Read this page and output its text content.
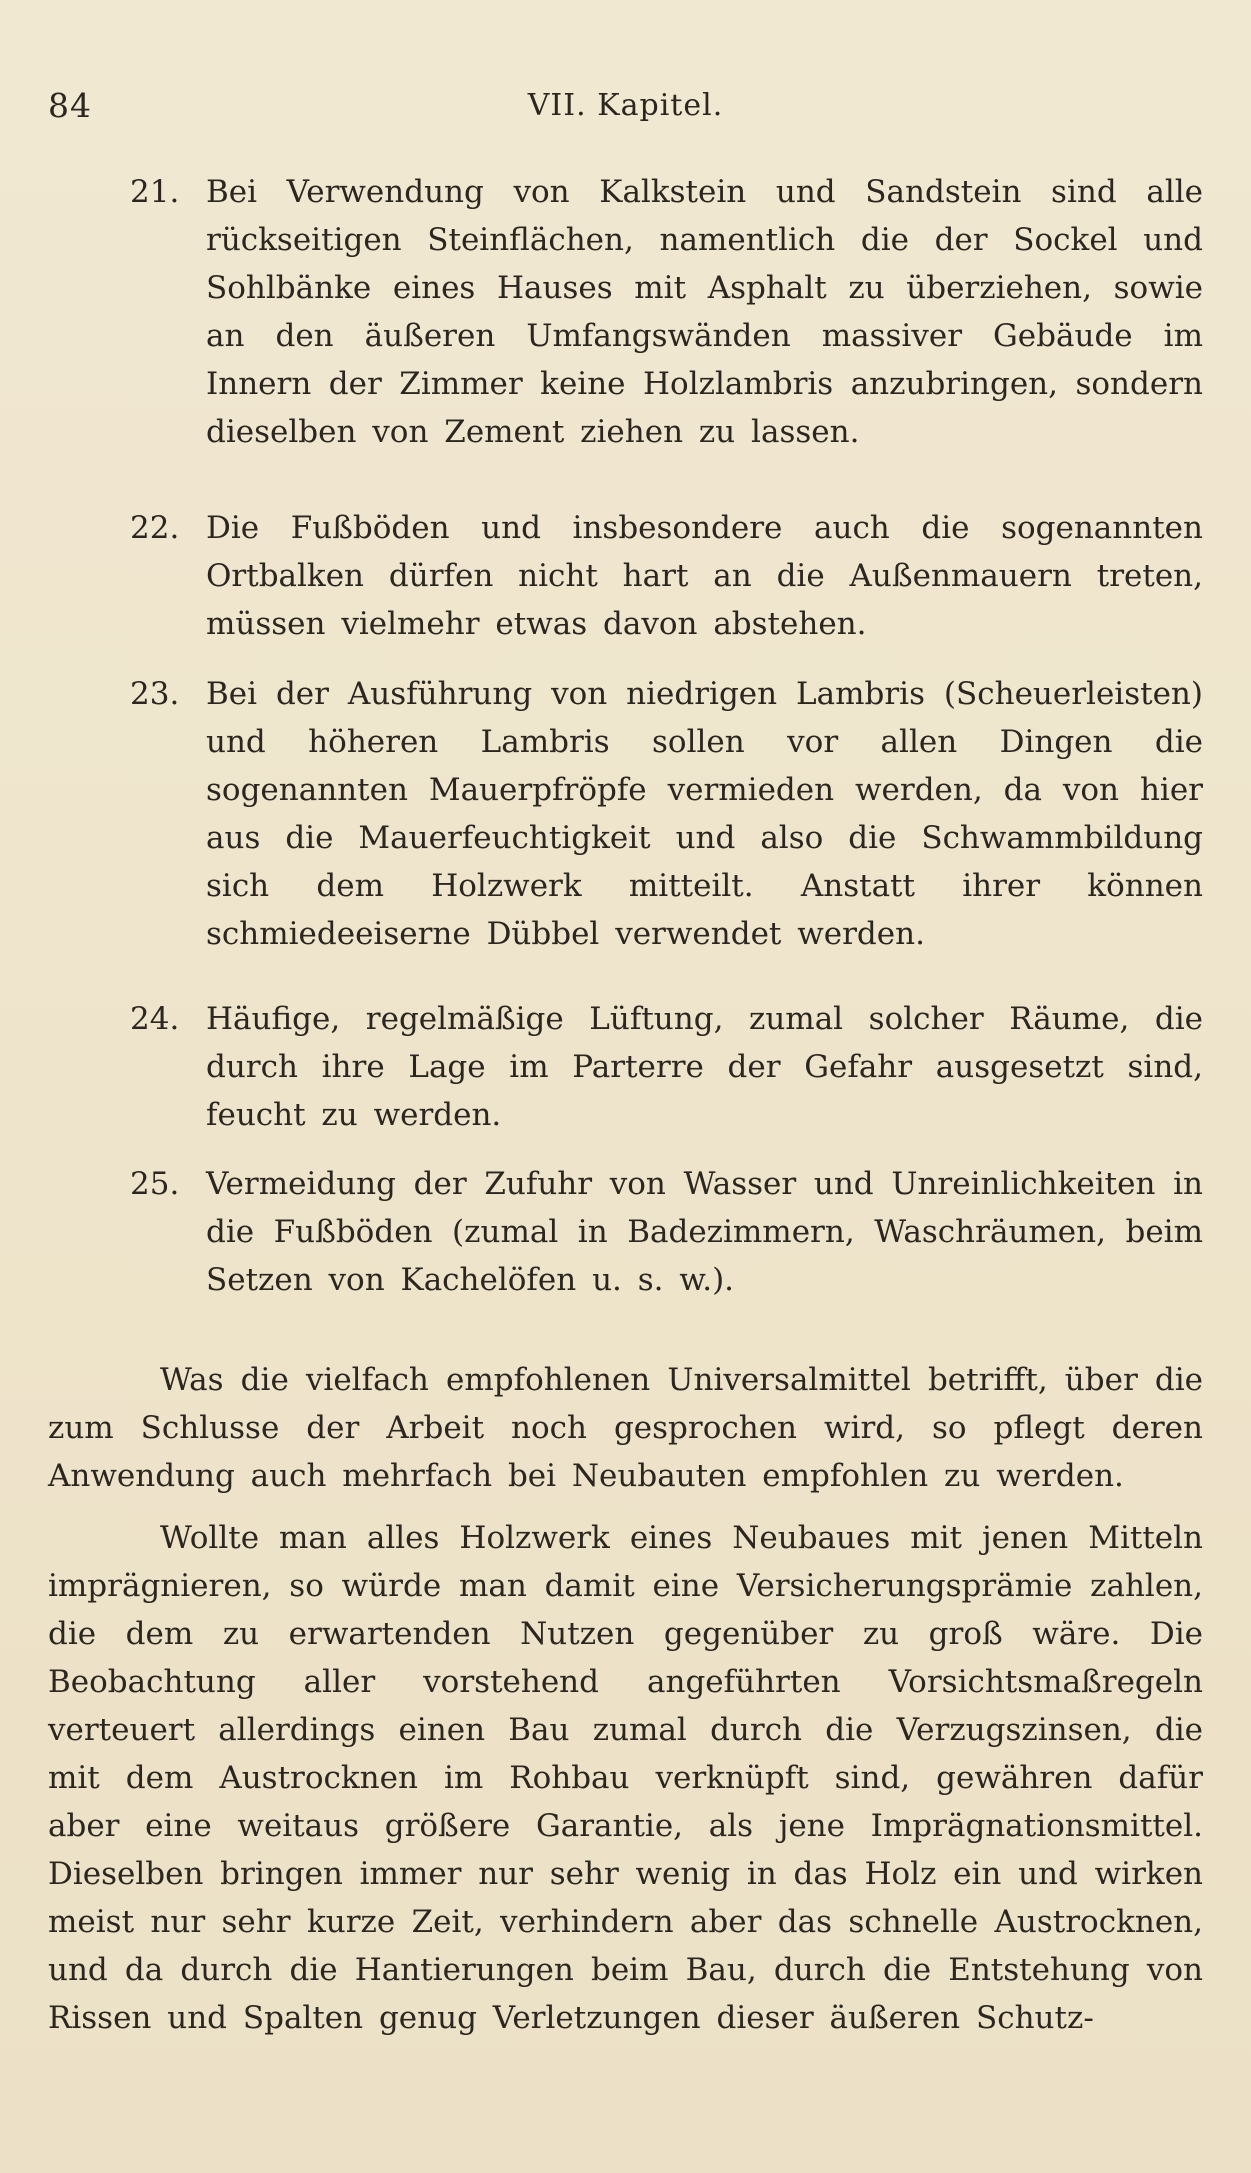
84	VII. Kapitel.
21. Bei Verwendung von Kalkstein und Sandstein sind alle rückseitigen Steinflächen, namentlich die der Sockel und Sohlbänke eines Hauses mit Asphalt zu überziehen, sowie an den äußeren Umfangswänden massiver Gebäude im Innern der Zimmer keine Holzlambris anzubringen, sondern dieselben von Zement ziehen zu lassen.
22. Die Fußböden und insbesondere auch die sogenannten Ortbalken dürfen nicht hart an die Außenmauern treten, müssen vielmehr etwas davon abstehen.
23. Bei der Ausführung von niedrigen Lambris (Scheuerleisten) und höheren Lambris sollen vor allen Dingen die sogenannten Mauerpfröpfe vermieden werden, da von hier aus die Mauerfeuchtigkeit und also die Schwammbildung sich dem Holzwerk mitteilt. Anstatt ihrer können schmiedeeiserne Dübbel verwendet werden.
24. Häufige, regelmäßige Lüftung, zumal solcher Räume, die durch ihre Lage im Parterre der Gefahr ausgesetzt sind, feucht zu werden.
25. Vermeidung der Zufuhr von Wasser und Unreinlichkeiten in die Fußböden (zumal in Badezimmern, Waschräumen, beim Setzen von Kachelöfen u. s. w.).

Was die vielfach empfohlenen Universalmittel betrifft, über die zum Schlusse der Arbeit noch gesprochen wird, so pflegt deren Anwendung auch mehrfach bei Neubauten empfohlen zu werden.

Wollte man alles Holzwerk eines Neubaues mit jenen Mitteln imprägnieren, so würde man damit eine Versicherungsprämie zahlen, die dem zu erwartenden Nutzen gegenüber zu groß wäre. Die Beobachtung aller vorstehend angeführten Vorsichtsmaßregeln verteuert allerdings einen Bau zumal durch die Verzugszinsen, die mit dem Austrocknen im Rohbau verknüpft sind, gewähren dafür aber eine weitaus größere Garantie, als jene Imprägnationsmittel. Dieselben bringen immer nur sehr wenig in das Holz ein und wirken meist nur sehr kurze Zeit, verhindern aber das schnelle Austrocknen, und da durch die Hantierungen beim Bau, durch die Entstehung von Rissen und Spalten genug Verletzungen dieser äußeren Schutz-
